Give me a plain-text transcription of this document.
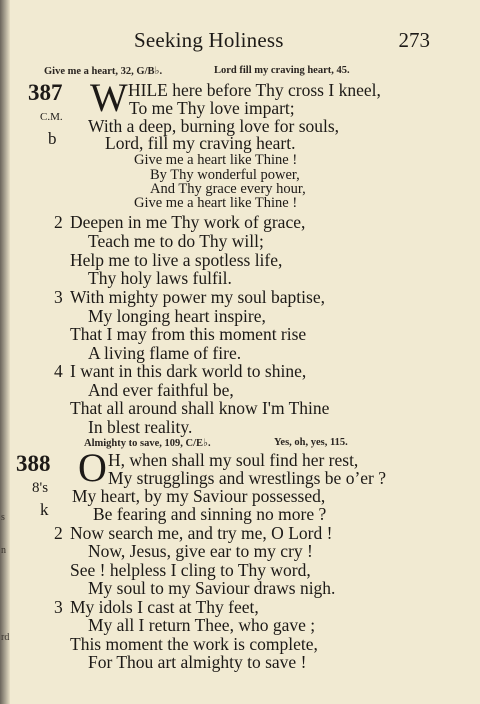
s
n
rd
Seeking Holiness	273
Give me a heart, 32, G/B♭.	Lord fill my craving heart, 45.
387 W
C.M.
b
HILE here before Thy cross I kneel,
To me Thy love impart;
With a deep, burning love for souls,
Lord, fill my craving heart.
Give me a heart like Thine !
By Thy wonderful power,
And Thy grace every hour,
Give me a heart like Thine !
2 Deepen in me Thy work of grace,
Teach me to do Thy will;
Help me to live a spotless life,
Thy holy laws fulfil.
3 With mighty power my soul baptise,
My longing heart inspire,
That I may from this moment rise
A living flame of fire.
4 I want in this dark world to shine,
And ever faithful be,
That all around shall know I'm Thine
In blest reality.
Almighty to save, 109, C/E♭.	Yes, oh, yes, 115.
388 O
8's
k
H, when shall my soul find her rest,
My strugglings and wrestlings be oʼer ?
My heart, by my Saviour possessed,
Be fearing and sinning no more ?
2 Now search me, and try me, O Lord !
Now, Jesus, give ear to my cry !
See ! helpless I cling to Thy word,
My soul to my Saviour draws nigh.
3 My idols I cast at Thy feet,
My all I return Thee, who gave ;
This moment the work is complete,
For Thou art almighty to save !
